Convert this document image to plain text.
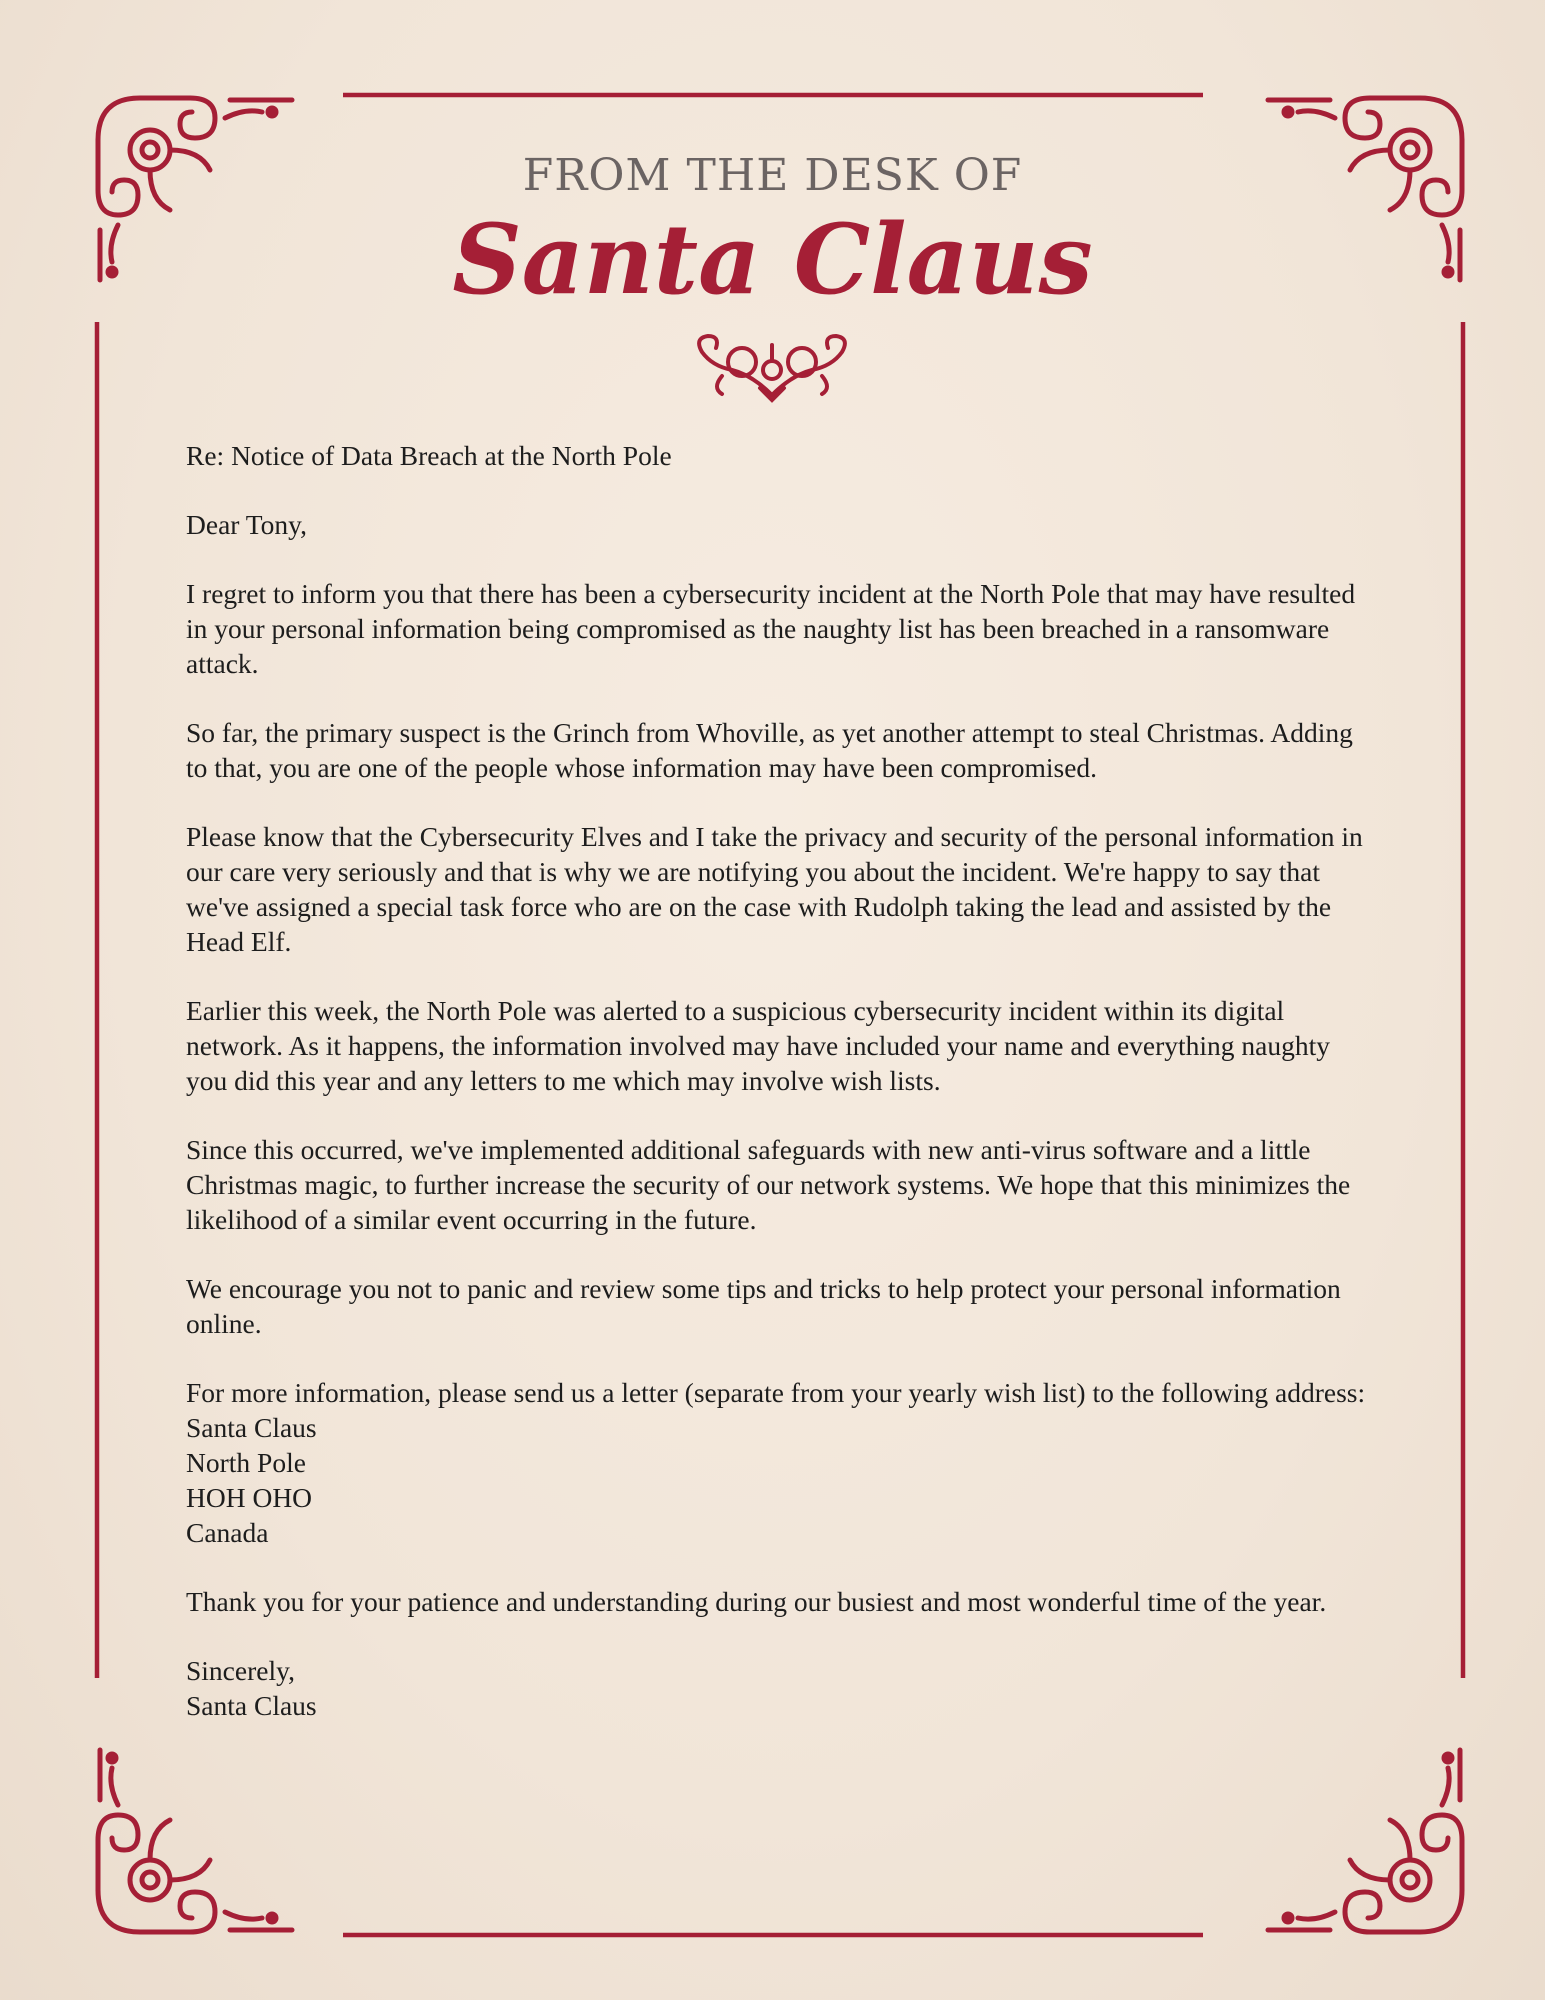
FROM THE DESK OF
Santa Claus

Re: Notice of Data Breach at the North Pole

Dear Tony,

I regret to inform you that there has been a cybersecurity incident at the North Pole that may have resulted in your personal information being compromised as the naughty list has been breached in a ransomware attack.

So far, the primary suspect is the Grinch from Whoville, as yet another attempt to steal Christmas. Adding to that, you are one of the people whose information may have been compromised.

Please know that the Cybersecurity Elves and I take the privacy and security of the personal information in our care very seriously and that is why we are notifying you about the incident. We're happy to say that we've assigned a special task force who are on the case with Rudolph taking the lead and assisted by the Head Elf.

Earlier this week, the North Pole was alerted to a suspicious cybersecurity incident within its digital network. As it happens, the information involved may have included your name and everything naughty you did this year and any letters to me which may involve wish lists.

Since this occurred, we've implemented additional safeguards with new anti-virus software and a little Christmas magic, to further increase the security of our network systems. We hope that this minimizes the likelihood of a similar event occurring in the future.

We encourage you not to panic and review some tips and tricks to help protect your personal information online.

For more information, please send us a letter (separate from your yearly wish list) to the following address:

Santa Claus
North Pole
HOH OHO
Canada

Thank you for your patience and understanding during our busiest and most wonderful time of the year.

Sincerely,
Santa Claus
